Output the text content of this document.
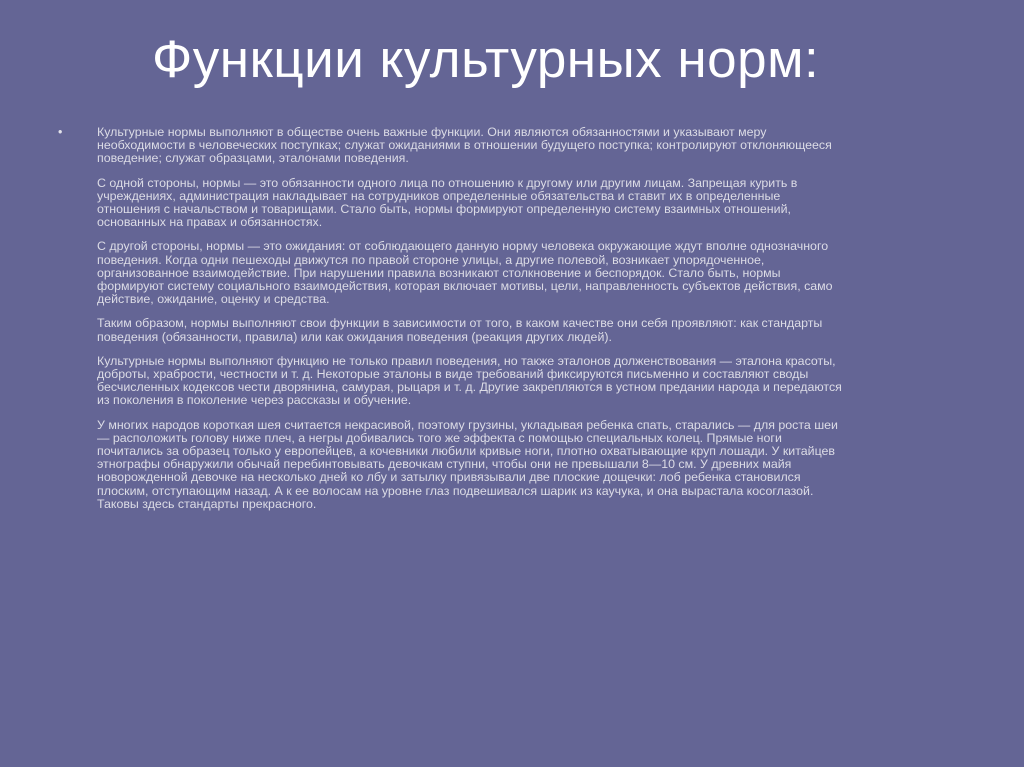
Функции культурных норм:
•	Культурные нормы выполняют в обществе очень важные функции. Они являются обязанностями и указывают меру
необходимости в человеческих поступках; служат ожиданиями в отношении будущего поступка; контролируют отклоняющееся
поведение; служат образцами, эталонами поведения.

С одной стороны, нормы — это обязанности одного лица по отношению к другому или другим лицам. Запрещая курить в
учреждениях, администрация накладывает на сотрудников определенные обязательства и ставит их в определенные
отношения с начальством и товарищами. Стало быть, нормы формируют определенную систему взаимных отношений,
основанных на правах и обязанностях.

С другой стороны, нормы — это ожидания: от соблюдающего данную норму человека окружающие ждут вполне однозначного
поведения. Когда одни пешеходы движутся по правой стороне улицы, а другие полевой, возникает упорядоченное,
организованное взаимодействие. При нарушении правила возникают столкновение и беспорядок. Стало быть, нормы
формируют систему социального взаимодействия, которая включает мотивы, цели, направленность субъектов действия, само
действие, ожидание, оценку и средства.

Таким образом, нормы выполняют свои функции в зависимости от того, в каком качестве они себя проявляют: как стандарты
поведения (обязанности, правила) или как ожидания поведения (реакция других людей).

Культурные нормы выполняют функцию не только правил поведения, но также эталонов долженствования — эталона красоты,
доброты, храбрости, честности и т. д. Некоторые эталоны в виде требований фиксируются письменно и составляют своды
бесчисленных кодексов чести дворянина, самурая, рыцаря и т. д. Другие закрепляются в устном предании народа и передаются
из поколения в поколение через рассказы и обучение.

У многих народов короткая шея считается некрасивой, поэтому грузины, укладывая ребенка спать, старались — для роста шеи
— расположить голову ниже плеч, а негры добивались того же эффекта с помощью специальных колец. Прямые ноги
почитались за образец только у европейцев, а кочевники любили кривые ноги, плотно охватывающие круп лошади. У китайцев
этнографы обнаружили обычай перебинтовывать девочкам ступни, чтобы они не превышали 8—10 см. У древних майя
новорожденной девочке на несколько дней ко лбу и затылку привязывали две плоские дощечки: лоб ребенка становился
плоским, отступающим назад. А к ее волосам на уровне глаз подвешивался шарик из каучука, и она вырастала косоглазой.
Таковы здесь стандарты прекрасного.
